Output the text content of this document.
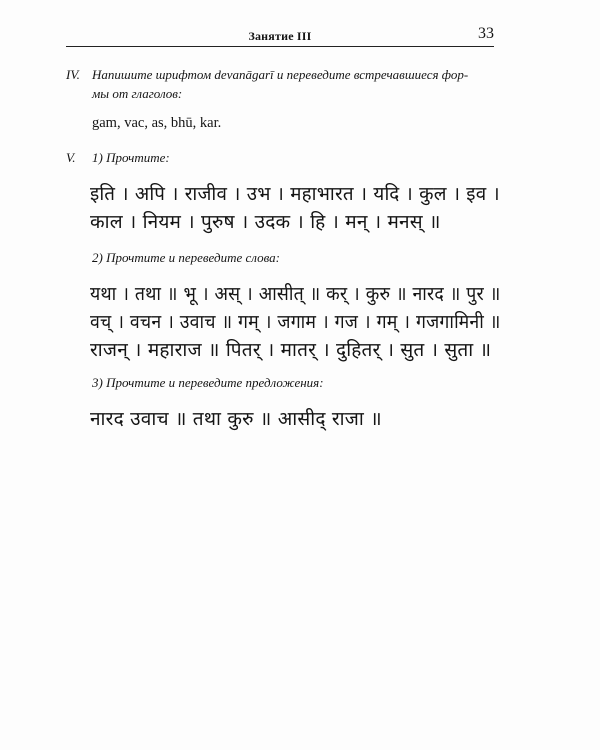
Занятие III	33
IV. Напишите шрифтом devanāgarī и переведите встречавшиеся фор-
мы от глаголов:
gam, vac, as, bhū, kar.
V. 1) Прочтите:
इति । अपि । राजीव । उभ । महाभारत । यदि । कुल । इव ।
काल । नियम । पुरुष । उदक । हि । मन् । मनस् ॥
2) Прочтите и переведите слова:
यथा । तथा ॥ भू । अस् । आसीत् ॥ कर् । कुरु ॥ नारद ॥ पुर ॥
वच् । वचन । उवाच ॥ गम् । जगाम । गज । गम् । गजगामिनी ॥
राजन् । महाराज ॥ पितर् । मातर् । दुहितर् । सुत । सुता ॥
3) Прочтите и переведите предложения:
नारद उवाच ॥ तथा कुरु ॥ आसीद् राजा ॥
